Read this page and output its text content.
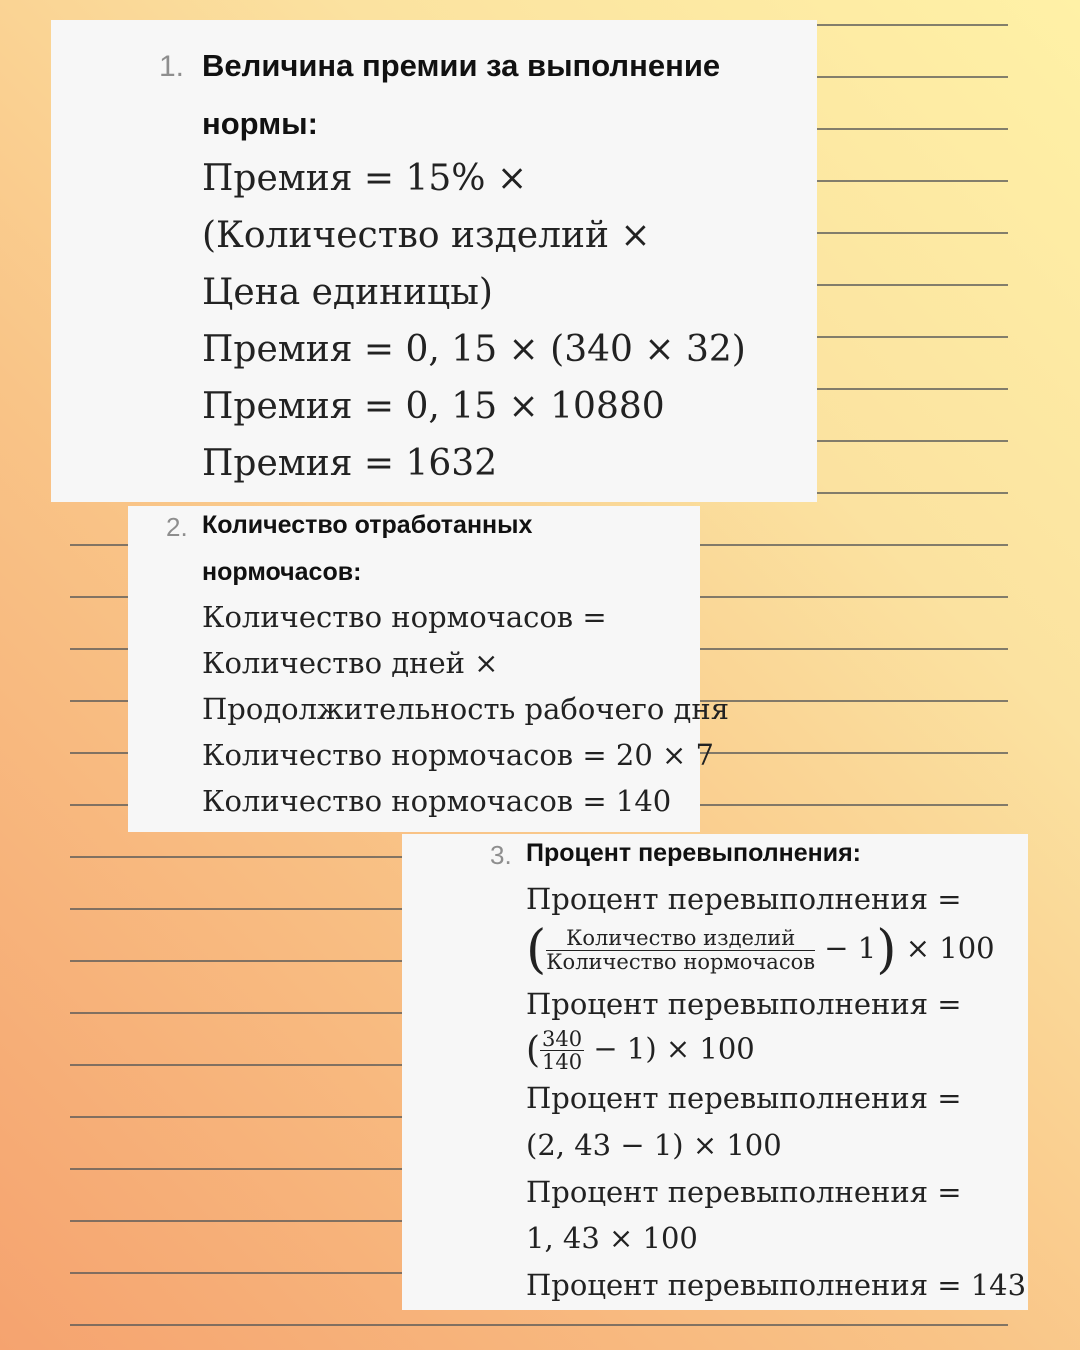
1. Величина премии за выполнение
нормы:
Премия = 15% ×
(Количество изделий ×
Цена единицы)
Премия = 0, 15 × (340 × 32)
Премия = 0, 15 × 10880
Премия = 1632
2. Количество отработанных
нормочасов:
Количество нормочасов =
Количество дней ×
Продолжительность рабочего дня
Количество нормочасов = 20 × 7
Количество нормочасов = 140
3. Процент перевыполнения:
Процент перевыполнения =
( $\frac{\text{Количество изделий}}{\text{Количество нормочасов}} - 1) \times 100$
Процент перевыполнения =
( $\frac{340}{140} - 1) \times 100$
Процент перевыполнения =
(2, 43 − 1) × 100
Процент перевыполнения =
1, 43 × 100
Процент перевыполнения = 143
